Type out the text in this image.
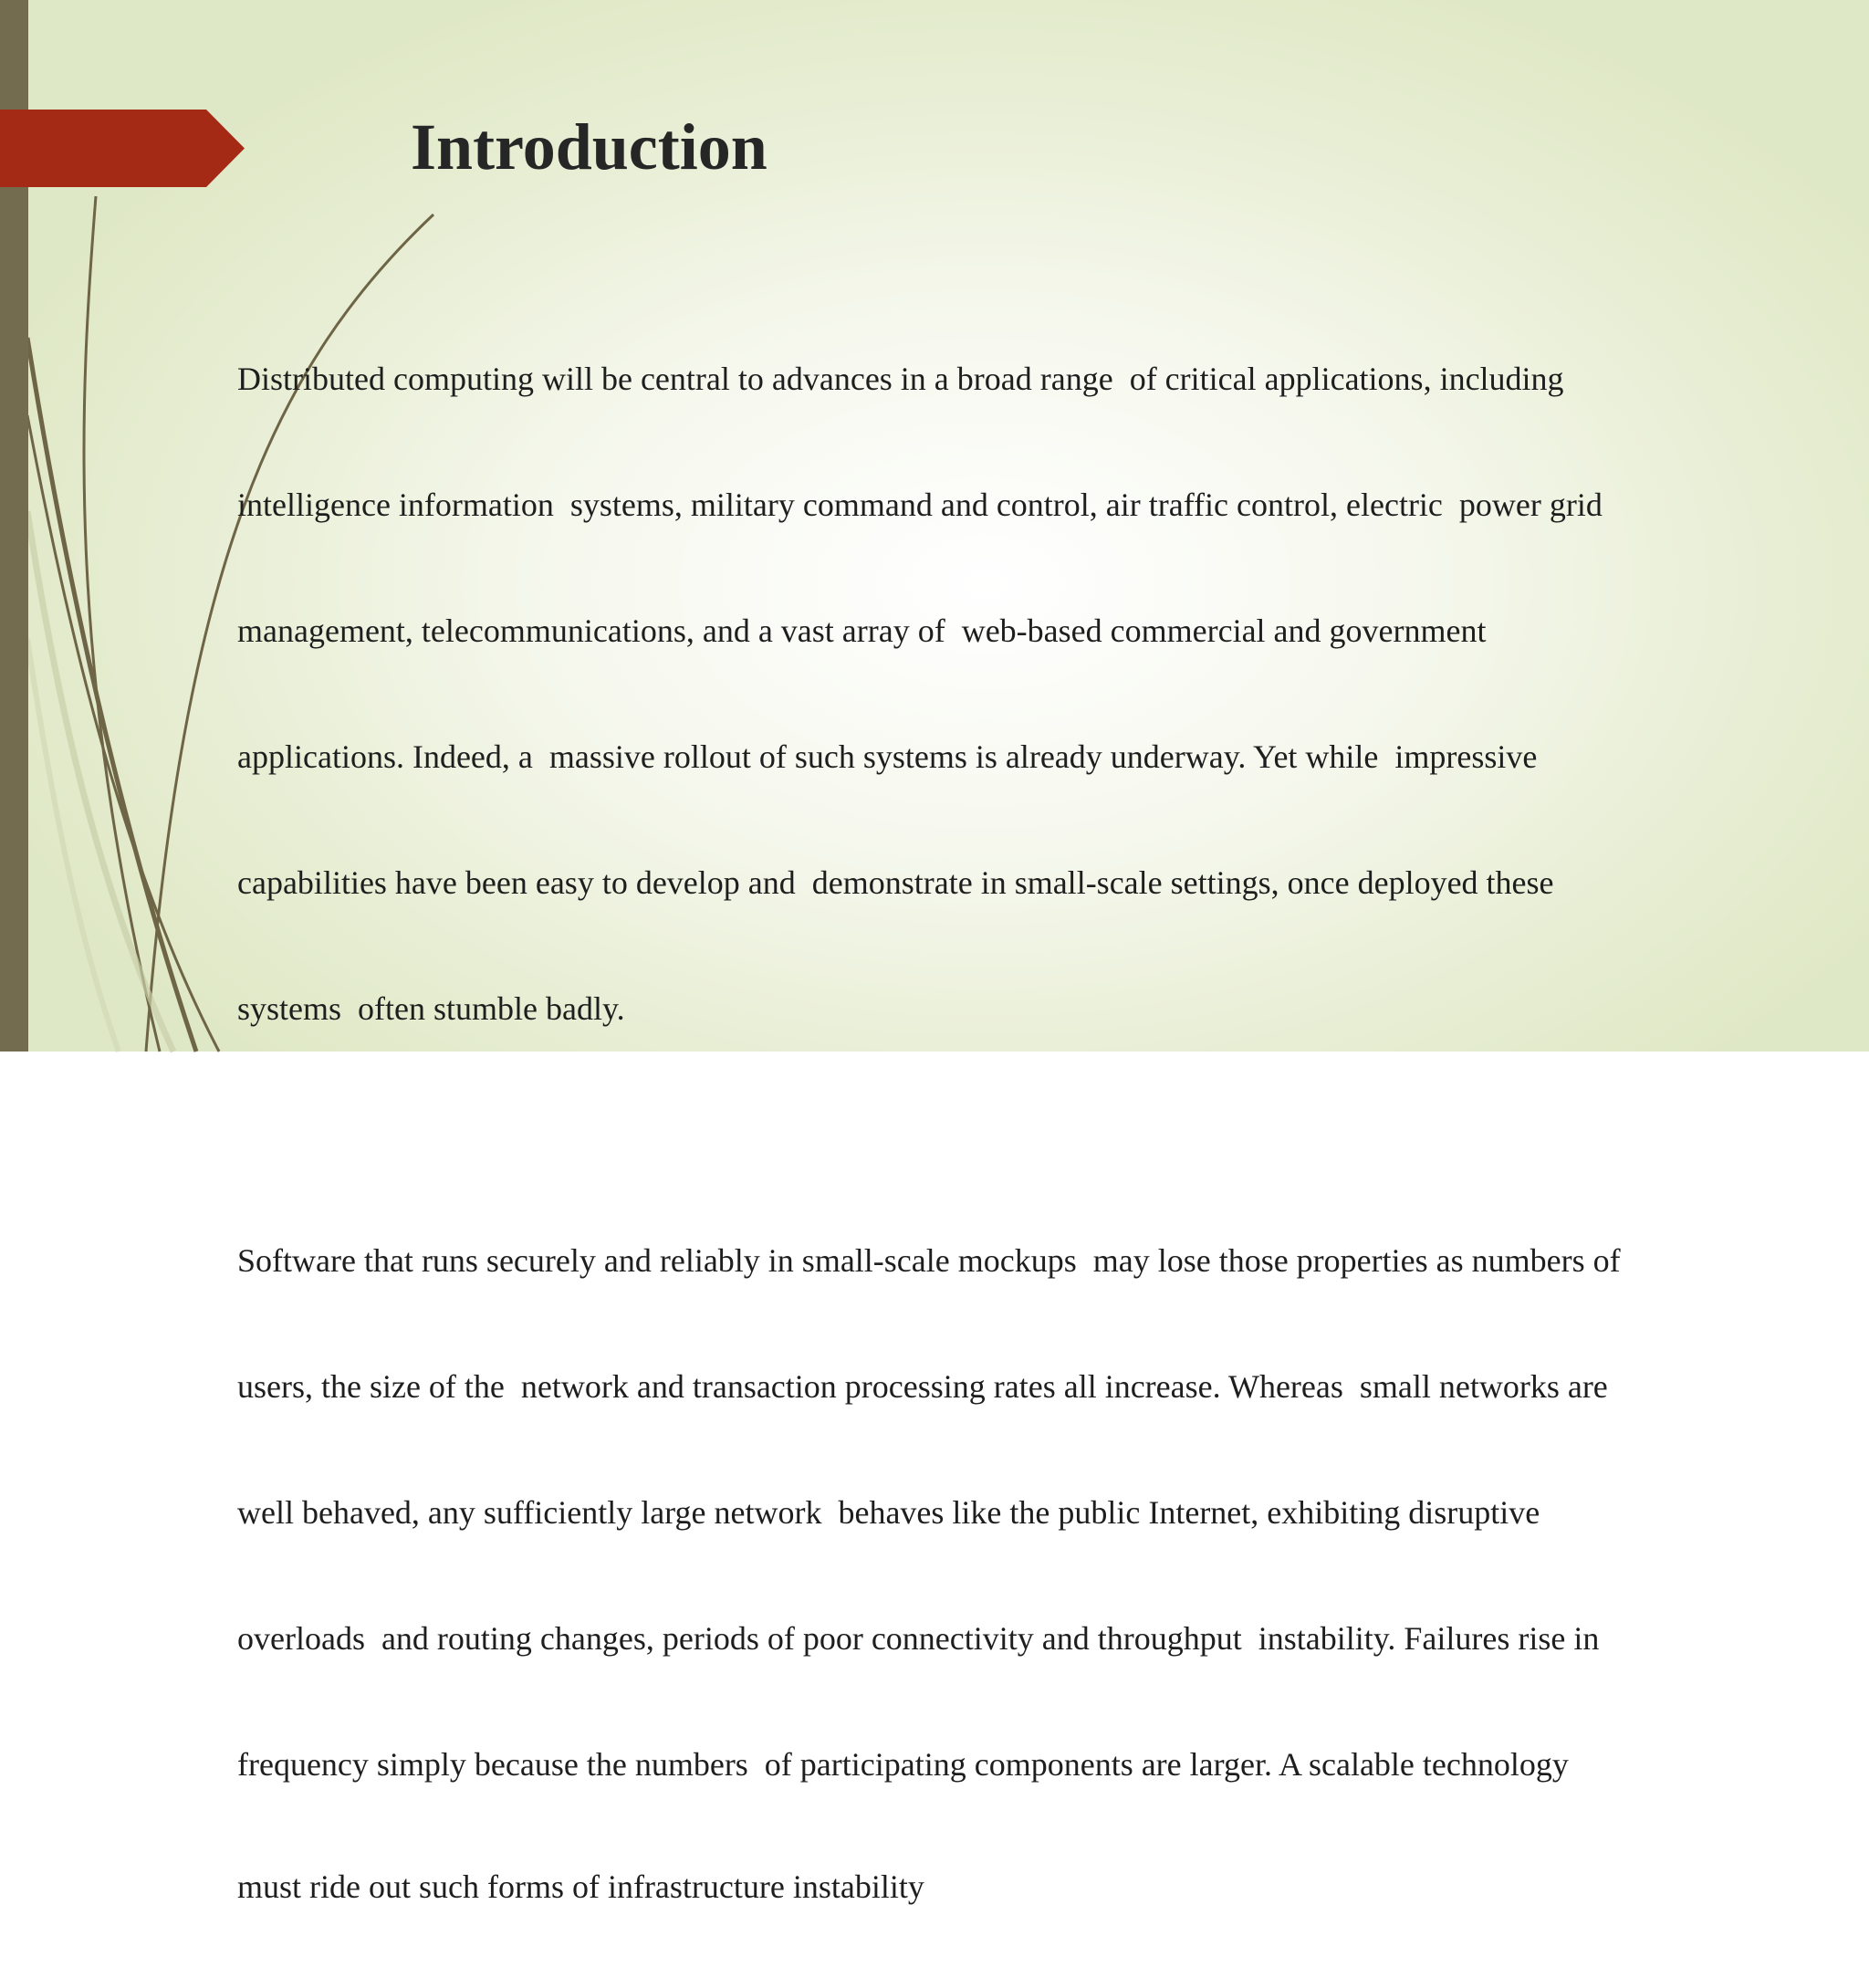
Introduction

Distributed computing will be central to advances in a broad range  of critical applications, including

intelligence information  systems, military command and control, air traffic control, electric  power grid

management, telecommunications, and a vast array of  web-based commercial and government

applications. Indeed, a  massive rollout of such systems is already underway. Yet while  impressive

capabilities have been easy to develop and  demonstrate in small-scale settings, once deployed these

systems  often stumble badly.

Software that runs securely and reliably in small-scale mockups  may lose those properties as numbers of

users, the size of the  network and transaction processing rates all increase. Whereas  small networks are

well behaved, any sufficiently large network  behaves like the public Internet, exhibiting disruptive

overloads  and routing changes, periods of poor connectivity and throughput  instability. Failures rise in

frequency simply because the numbers  of participating components are larger. A scalable technology

must ride out such forms of infrastructure instability
